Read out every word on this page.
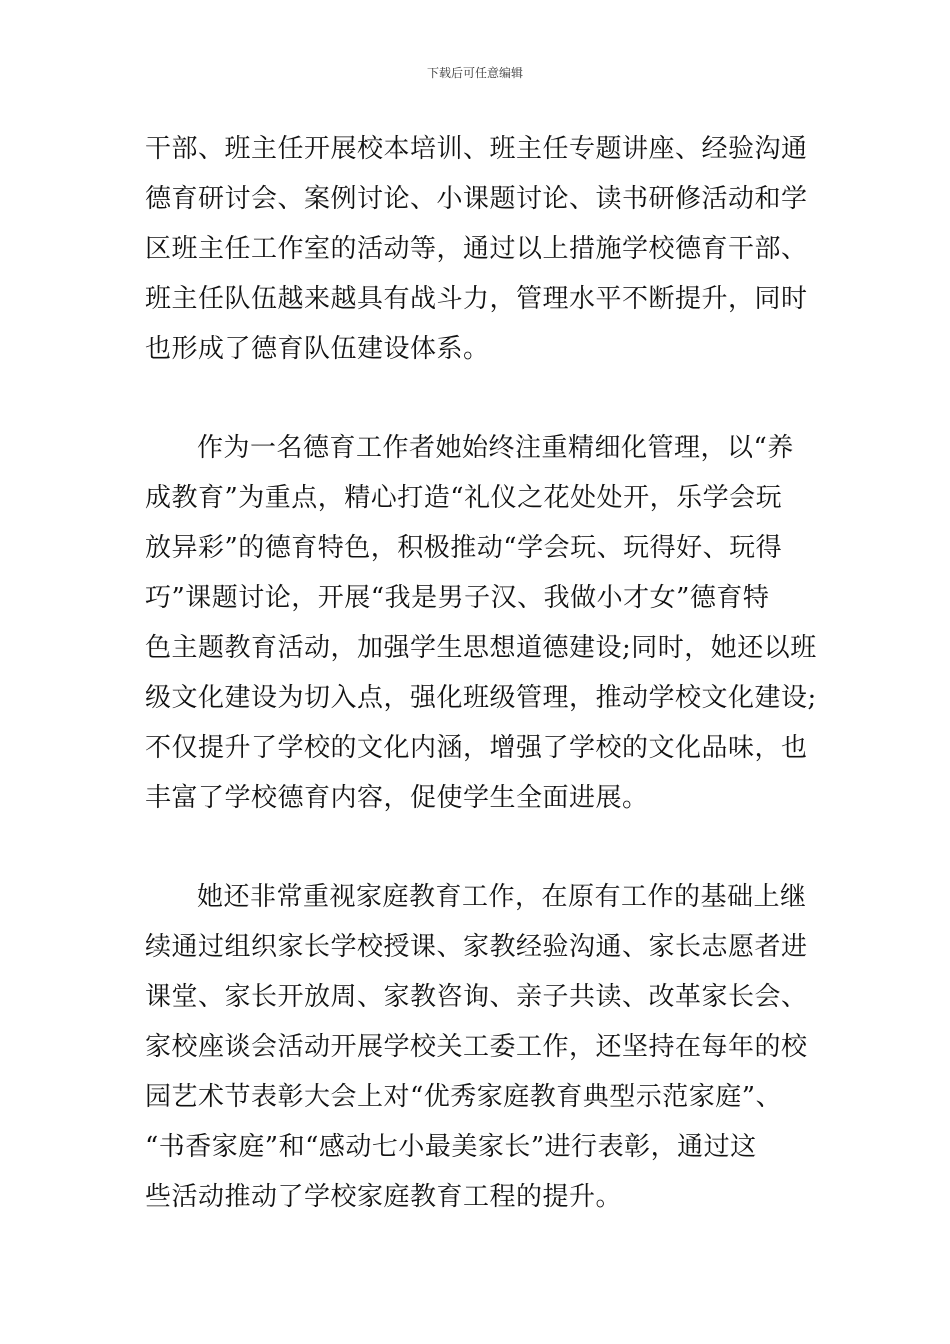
下载后可任意编辑
干部、班主任开展校本培训、班主任专题讲座、经验沟通
德育研讨会、案例讨论、小课题讨论、读书研修活动和学
区班主任工作室的活动等，通过以上措施学校德育干部、
班主任队伍越来越具有战斗力，管理水平不断提升，同时
也形成了德育队伍建设体系。
作为一名德育工作者她始终注重精细化管理，以“养
成教育”为重点，精心打造“礼仪之花处处开，乐学会玩
放异彩”的德育特色，积极推动“学会玩、玩得好、玩得
巧”课题讨论，开展“我是男子汉、我做小才女”德育特
色主题教育活动，加强学生思想道德建设;同时，她还以班
级文化建设为切入点，强化班级管理，推动学校文化建设;
不仅提升了学校的文化内涵，增强了学校的文化品味，也
丰富了学校德育内容，促使学生全面进展。
她还非常重视家庭教育工作，在原有工作的基础上继
续通过组织家长学校授课、家教经验沟通、家长志愿者进
课堂、家长开放周、家教咨询、亲子共读、改革家长会、
家校座谈会活动开展学校关工委工作，还坚持在每年的校
园艺术节表彰大会上对“优秀家庭教育典型示范家庭”、
“书香家庭”和“感动七小最美家长”进行表彰，通过这
些活动推动了学校家庭教育工程的提升。
